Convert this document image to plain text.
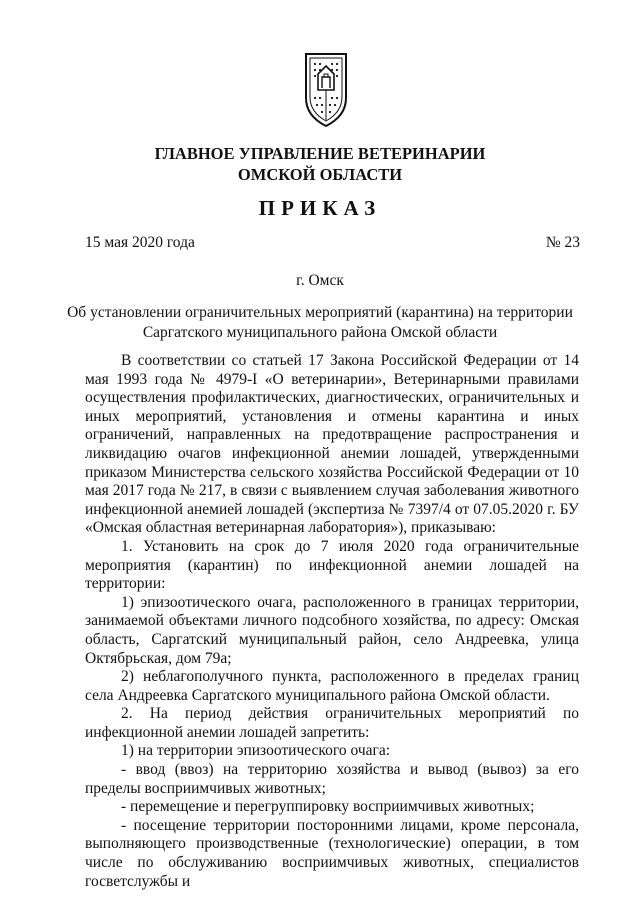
ГЛАВНОЕ УПРАВЛЕНИЕ ВЕТЕРИНАРИИ
ОМСКОЙ ОБЛАСТИ
ПРИКАЗ
15 мая 2020 года	№ 23
г. Омск
Об установлении ограничительных мероприятий (карантина) на территории
Саргатского муниципального района Омской области

В соответствии со статьей 17 Закона Российской Федерации от 14 мая 1993 года № 4979-I «О ветеринарии», Ветеринарными правилами осуществления профилактических, диагностических, ограничительных и иных мероприятий, установления и отмены карантина и иных ограничений, направленных на предотвращение распространения и ликвидацию очагов инфекционной анемии лошадей, утвержденными приказом Министерства сельского хозяйства Российской Федерации от 10 мая 2017 года № 217, в связи с выявлением случая заболевания животного инфекционной анемией лошадей (экспертиза № 7397/4 от 07.05.2020 г. БУ «Омская областная ветеринарная лаборатория»), приказываю:

1. Установить на срок до 7 июля 2020 года ограничительные мероприятия (карантин) по инфекционной анемии лошадей на территории:

1) эпизоотического очага, расположенного в границах территории, занимаемой объектами личного подсобного хозяйства, по адресу: Омская область, Саргатский муниципальный район, село Андреевка, улица Октябрьская, дом 79а;

2) неблагополучного пункта, расположенного в пределах границ села Андреевка Саргатского муниципального района Омской области.

2. На период действия ограничительных мероприятий по инфекционной анемии лошадей запретить:

1) на территории эпизоотического очага:

- ввод (ввоз) на территорию хозяйства и вывод (вывоз) за его пределы восприимчивых животных;

- перемещение и перегруппировку восприимчивых животных;

- посещение территории посторонними лицами, кроме персонала, выполняющего производственные (технологические) операции, в том числе по обслуживанию восприимчивых животных, специалистов госветслужбы и
